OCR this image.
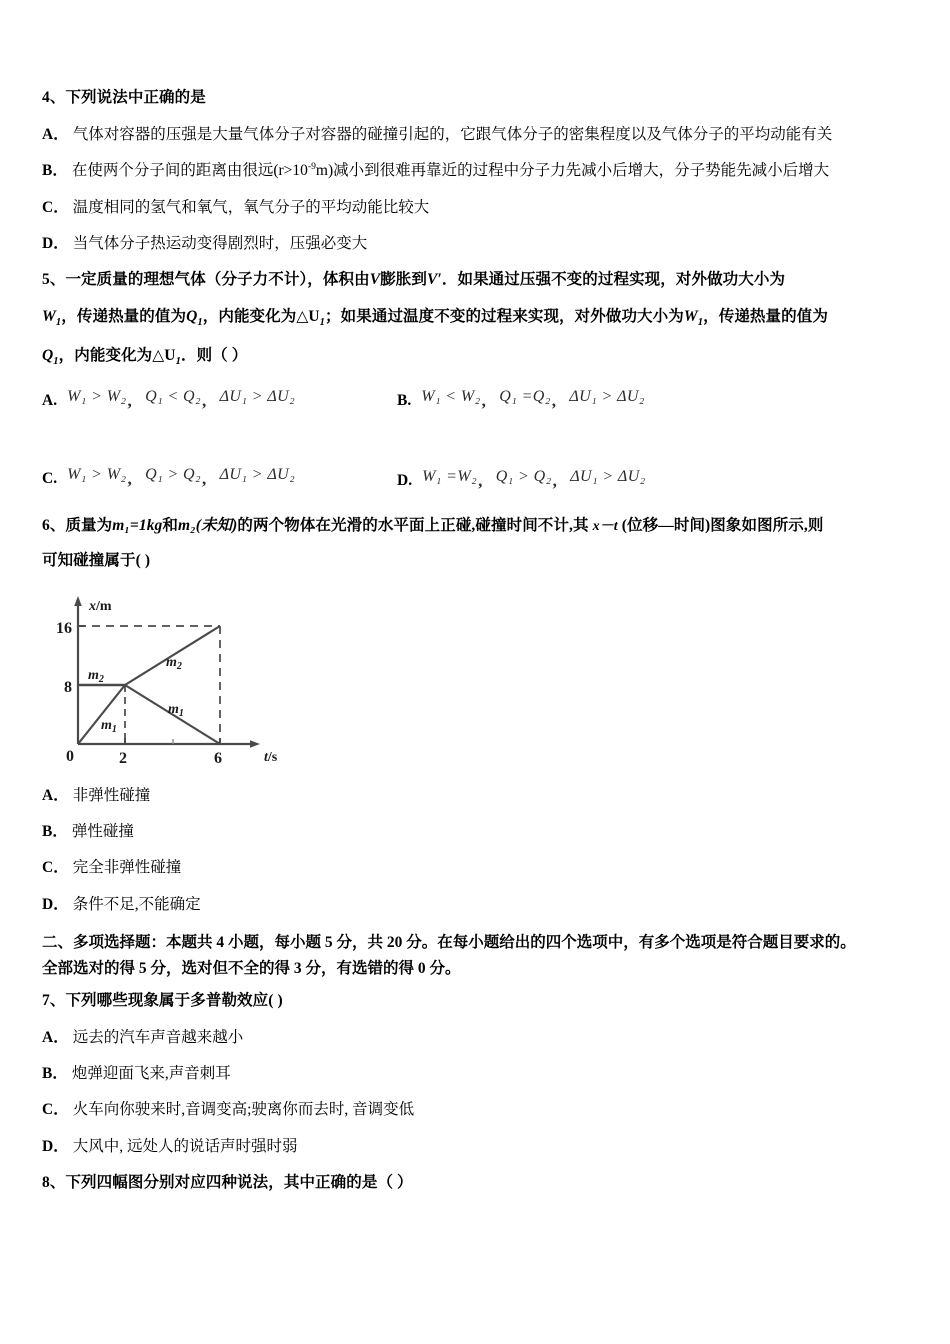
4、下列说法中正确的是

A． 气体对容器的压强是大量气体分子对容器的碰撞引起的，它跟气体分子的密集程度以及气体分子的平均动能有关

B． 在使两个分子间的距离由很远$(r>10^{-9}m)$减小到很难再靠近的过程中分子力先减小后增大，分子势能先减小后增大

C． 温度相同的氢气和氧气，氧气分子的平均动能比较大

D． 当气体分子热运动变得剧烈时，压强必变大

5、一定质量的理想气体（分子力不计），体积由V膨胀到V′．如果通过压强不变的过程实现，对外做功大小为

$W_1$，传递热量的值为$Q_1$，内能变化为$\triangle U_1$；如果通过温度不变的过程来实现，对外做功大小为$W_1$，传递热量的值为

$Q_1$，内能变化为$\triangle U_1$．则（ ）

A. W₁ > W₂, Q₁ < Q₂, ΔU₁ > ΔU₂	B. W₁ < W₂, Q₁ =Q₂, ΔU₁ > ΔU₂
C. W₁ > W₂, Q₁ > Q₂, ΔU₁ > ΔU₂	D. W₁ =W₂, Q₁ > Q₂, ΔU₁ > ΔU₂

6、质量为m₁=1kg和m₂(未知)的两个物体在光滑的水平面上正碰,碰撞时间不计,其 x－t (位移—时间)图象如图所示,则

可知碰撞属于( )

x/m
t/s
16
8
0	2	6
$m_2$
$m_2$
$m_1$
$m_1$

A． 非弹性碰撞

B． 弹性碰撞

C． 完全非弹性碰撞

D． 条件不足,不能确定

二、多项选择题：本题共 4 小题，每小题 5 分，共 20 分。在每小题给出的四个选项中，有多个选项是符合题目要求的。

全部选对的得 5 分，选对但不全的得 3 分，有选错的得 0 分。

7、下列哪些现象属于多普勒效应( )

A． 远去的汽车声音越来越小

B． 炮弹迎面飞来,声音刺耳

C． 火车向你驶来时,音调变高;驶离你而去时, 音调变低

D． 大风中, 远处人的说话声时强时弱

8、下列四幅图分别对应四种说法，其中正确的是（ ）
